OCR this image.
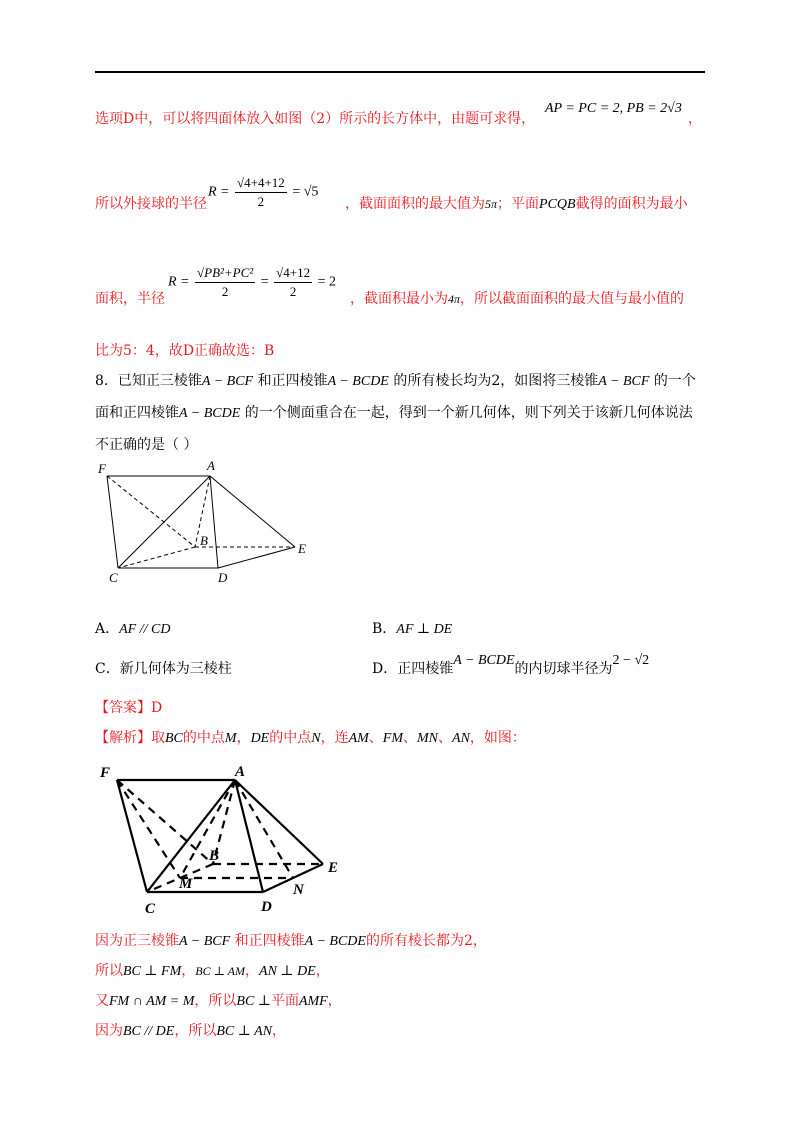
选项D中，可以将四面体放入如图（2）所示的长方体中，由题可求得，
AP = PC = 2, PB = 2√3
，
所以外接球的半径
$R = \frac{√4+4+12}{2} = √5$
，截面面积的最大值为5π；平面PCQB截得的面积为最小
面积，半径
$R = \frac{\text{√PB²+PC²}}{2} = \frac{√4+12}{2} = 2$
，截面积最小为4π，所以截面面积的最大值与最小值的
比为5：4，故D正确故选：B
8．已知正三棱锥A − BCF 和正四棱锥A − BCDE 的所有棱长均为2，如图将三棱锥A − BCF 的一个
面和正四棱锥A − BCDE 的一个侧面重合在一起，得到一个新几何体，则下列关于该新几何体说法
不正确的是（ ）
F	A
B
E
C	D
A．AF // CD	B．AF ⊥ DE
C．新几何体为三棱柱	D．正四棱锥A − BCDE的内切球半径为2 − √2
【答案】D
【解析】取BC的中点M，DE的中点N，连AM、FM、MN、AN，如图：
F	A
B
E
C	D
M	N
因为正三棱锥A − BCF 和正四棱锥A − BCDE的所有棱长都为2，
所以BC ⊥ FM，BC ⊥ AM，AN ⊥ DE，
又FM ∩ AM = M，所以BC ⊥平面AMF，
因为BC // DE，所以BC ⊥ AN，
